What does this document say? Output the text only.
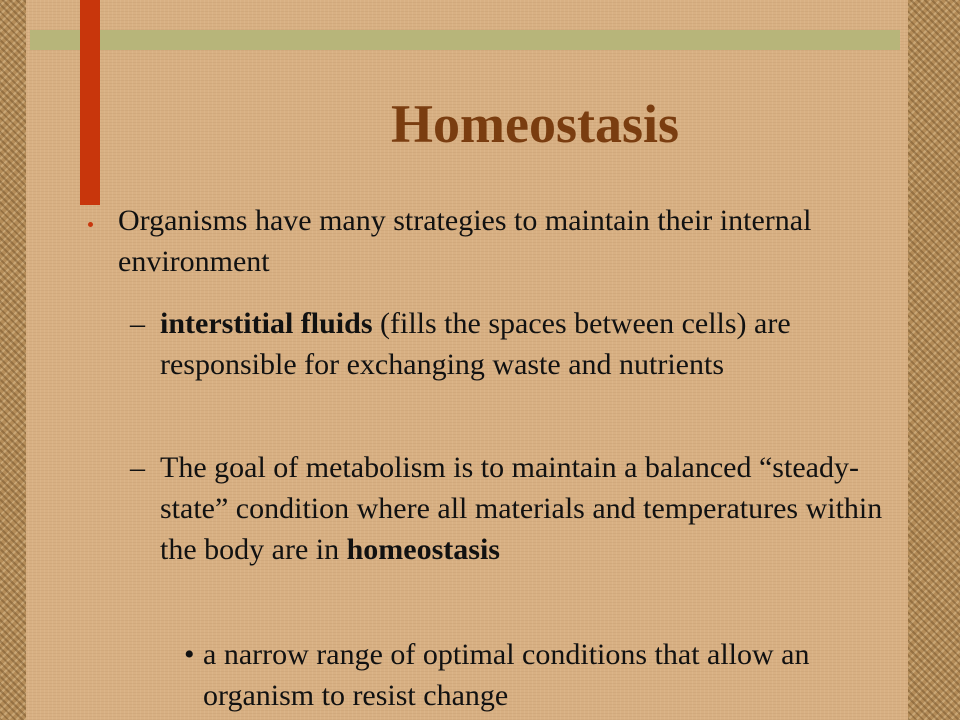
Homeostasis

Organisms have many strategies to maintain their internal environment

– interstitial fluids (fills the spaces between cells) are responsible for exchanging waste and nutrients

– The goal of metabolism is to maintain a balanced “steady-state” condition where all materials and temperatures within the body are in homeostasis

• a narrow range of optimal conditions that allow an organism to resist change
